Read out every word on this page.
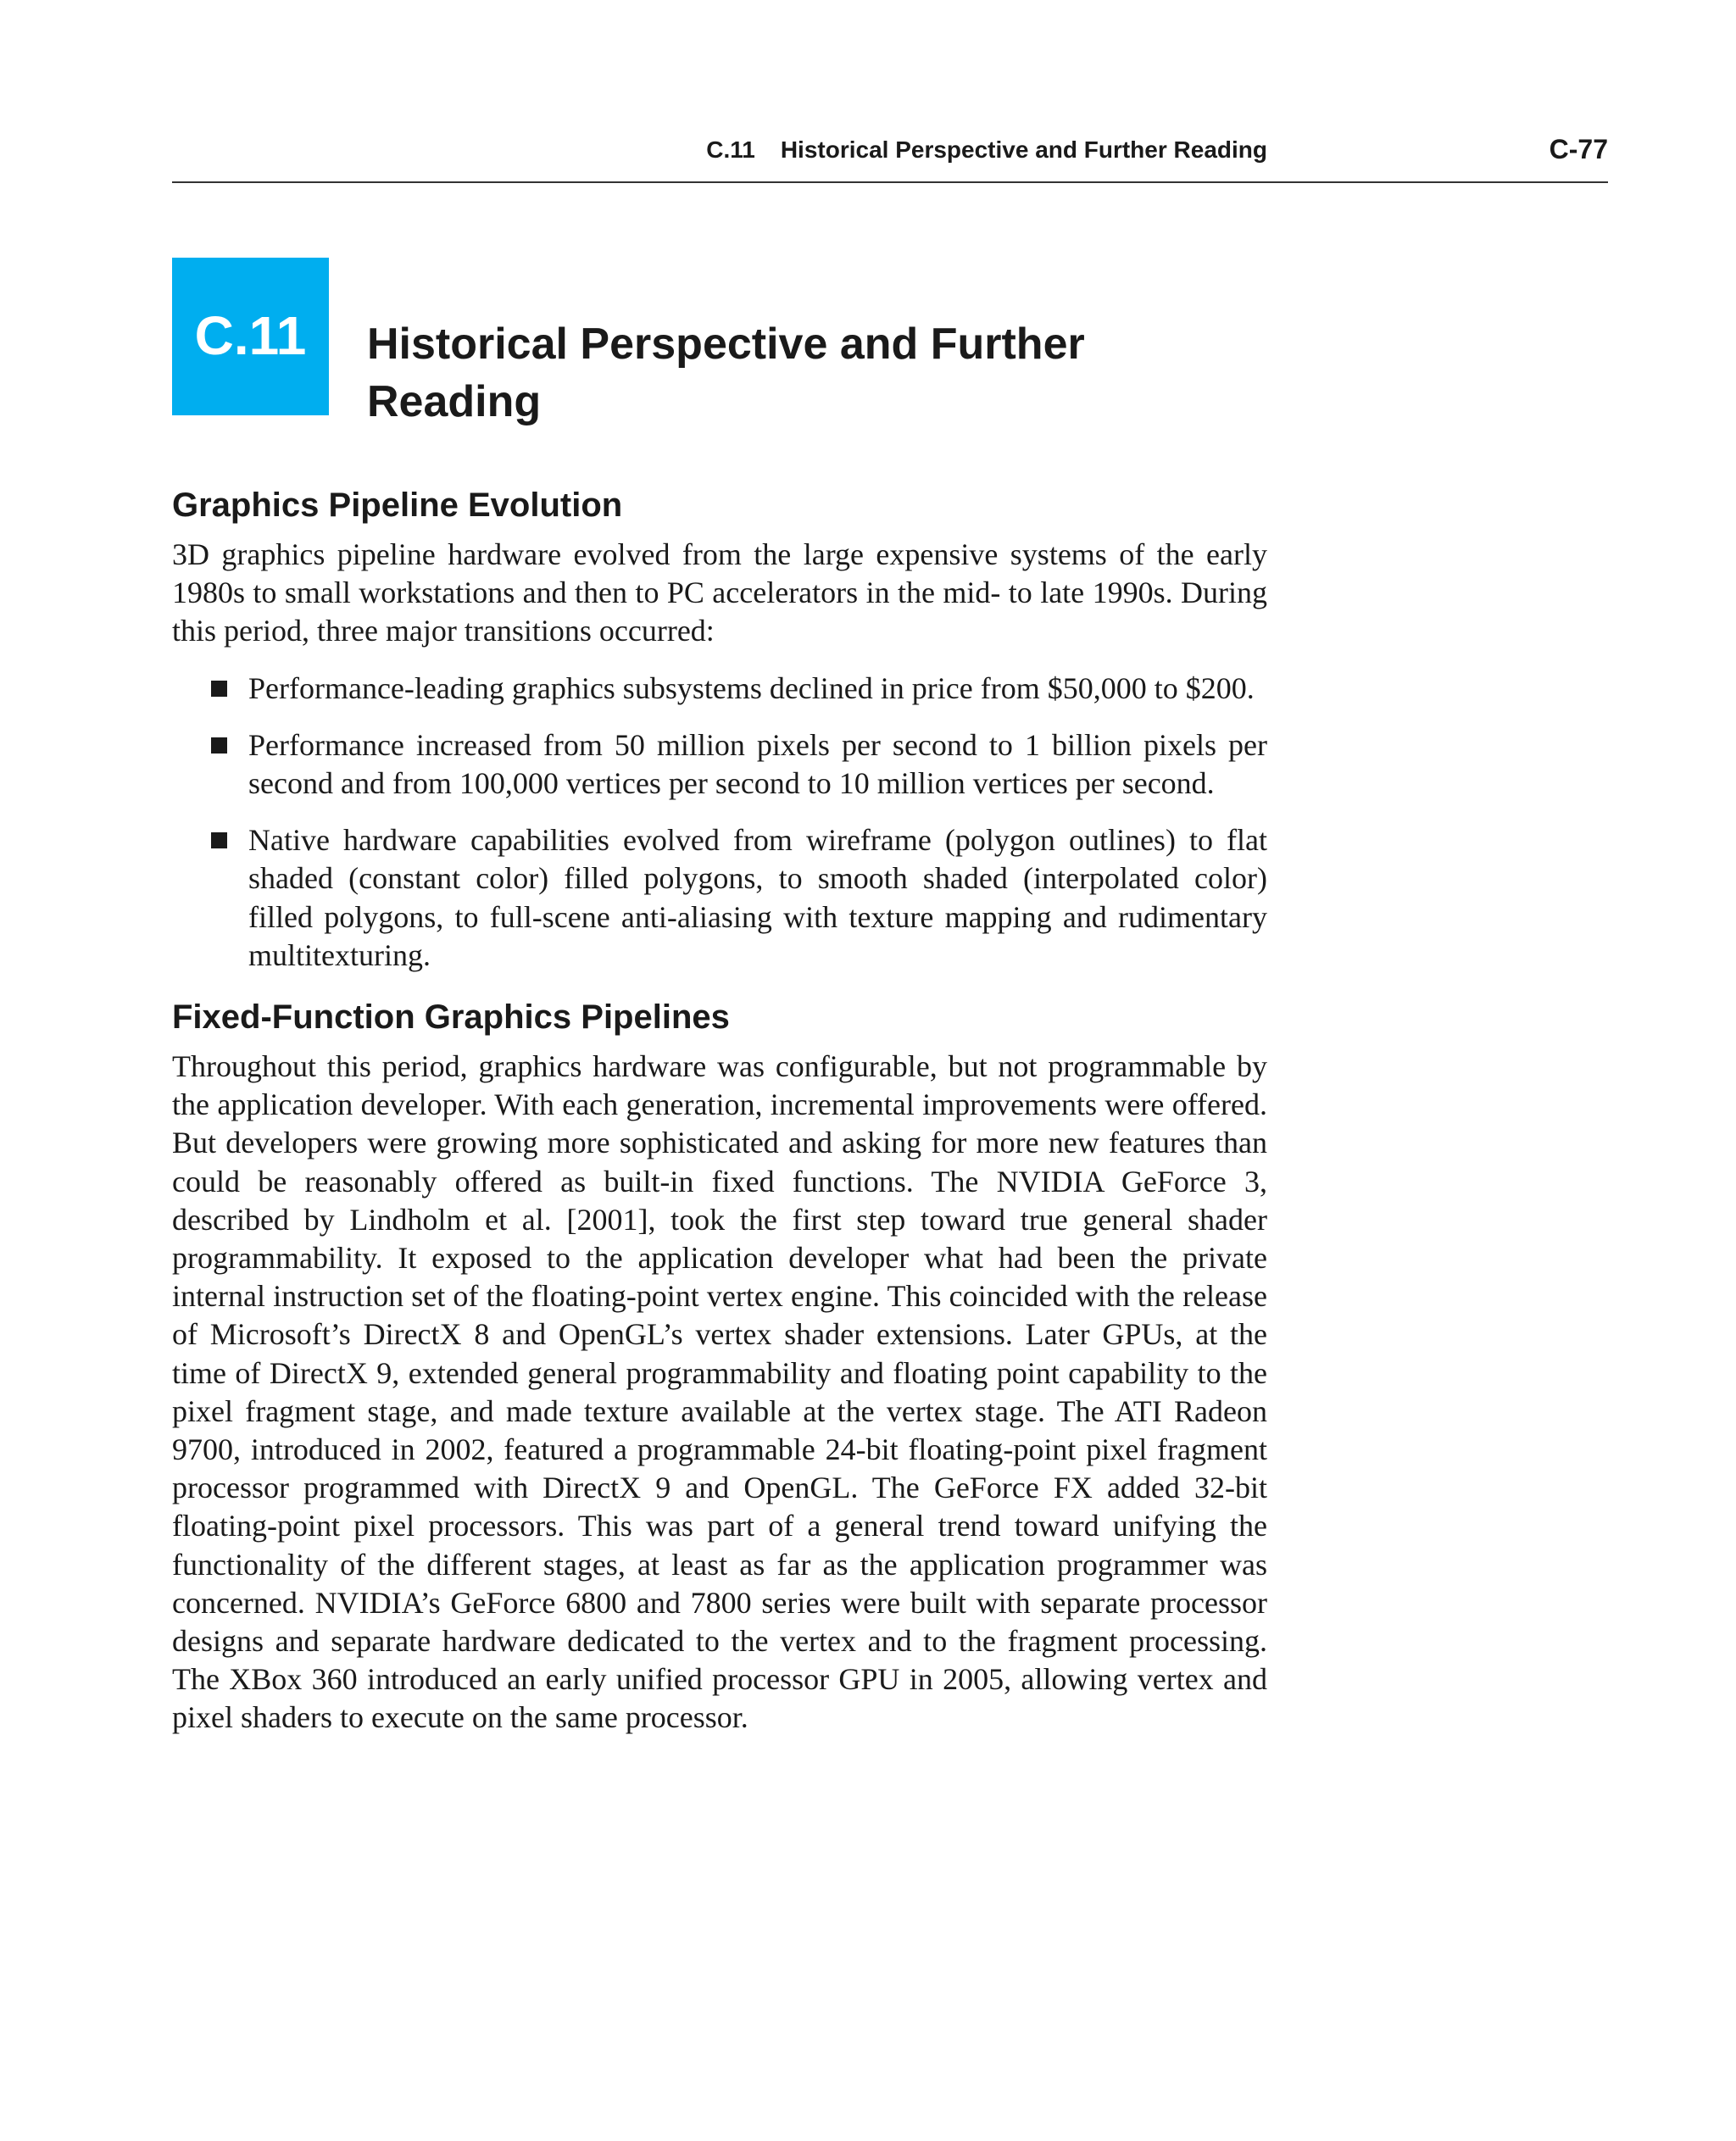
C.11 Historical Perspective and Further Reading	C-77
C.11	Historical Perspective and Further Reading
Graphics Pipeline Evolution

3D graphics pipeline hardware evolved from the large expensive systems of the early 1980s to small workstations and then to PC accelerators in the mid- to late 1990s. During this period, three major transitions occurred:

Performance-leading graphics subsystems declined in price from $50,000 to $200.
Performance increased from 50 million pixels per second to 1 billion pixels per second and from 100,000 vertices per second to 10 million vertices per second.
Native hardware capabilities evolved from wireframe (polygon outlines) to flat shaded (constant color) filled polygons, to smooth shaded (interpolated color) filled polygons, to full-scene anti-aliasing with texture mapping and rudimentary multitexturing.
Fixed-Function Graphics Pipelines

Throughout this period, graphics hardware was configurable, but not programmable by the application developer. With each generation, incremental improvements were offered. But developers were growing more sophisticated and asking for more new features than could be reasonably offered as built-in fixed functions. The NVIDIA GeForce 3, described by Lindholm et al. [2001], took the first step toward true general shader programmability. It exposed to the application developer what had been the private internal instruction set of the floating-point vertex engine. This coincided with the release of Microsoft’s DirectX 8 and OpenGL’s vertex shader extensions. Later GPUs, at the time of DirectX 9, extended general programmability and floating point capability to the pixel fragment stage, and made texture available at the vertex stage. The ATI Radeon 9700, introduced in 2002, featured a programmable 24-bit floating-point pixel fragment processor programmed with DirectX 9 and OpenGL. The GeForce FX added 32-bit floating-point pixel processors. This was part of a general trend toward unifying the functionality of the different stages, at least as far as the application programmer was concerned. NVIDIA’s GeForce 6800 and 7800 series were built with separate processor designs and separate hardware dedicated to the vertex and to the fragment processing. The XBox 360 introduced an early unified processor GPU in 2005, allowing vertex and pixel shaders to execute on the same processor.
